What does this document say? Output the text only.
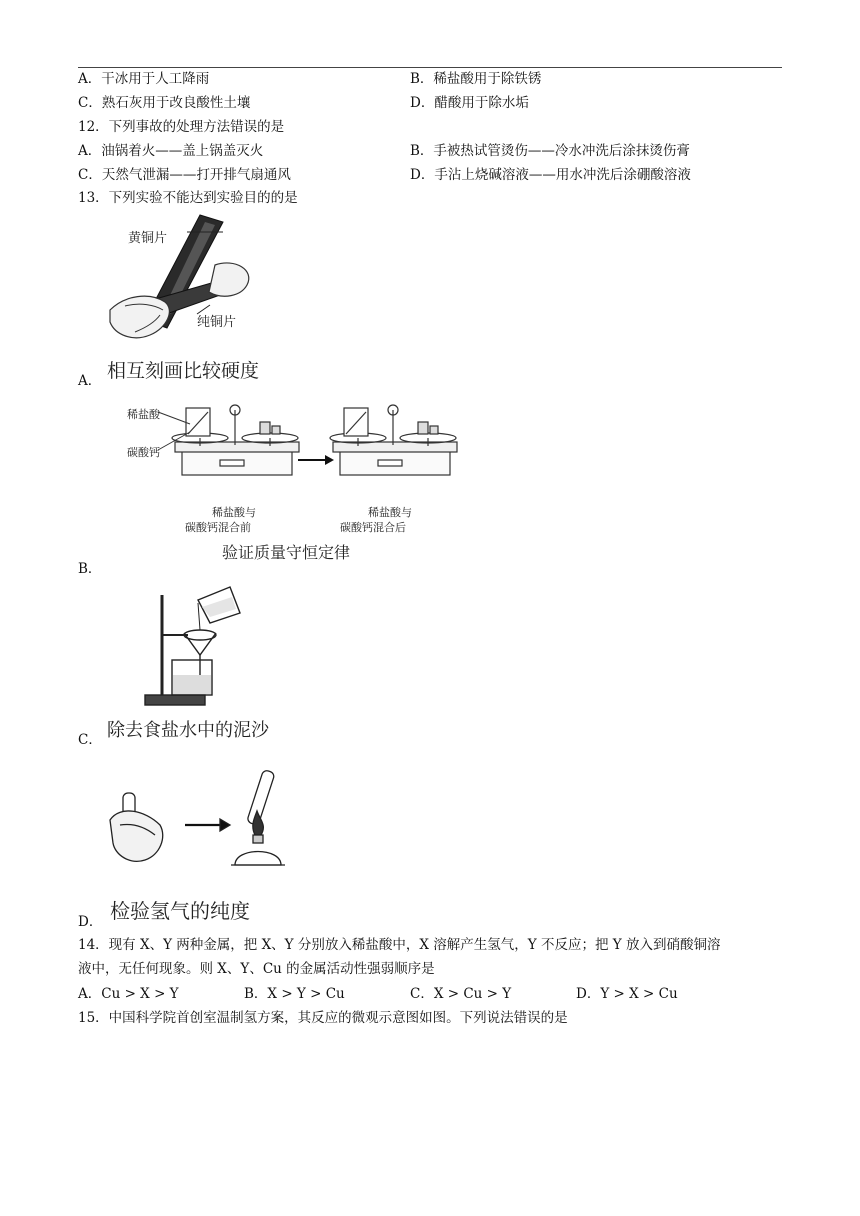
A．干冰用于人工降雨	B．稀盐酸用于除铁锈
C．熟石灰用于改良酸性土壤	D．醋酸用于除水垢
12．下列事故的处理方法错误的是
A．油锅着火——盖上锅盖灭火	B．手被热试管烫伤——冷水冲洗后涂抹烫伤膏
C．天然气泄漏——打开排气扇通风	D．手沾上烧碱溶液——用水冲洗后涂硼酸溶液
13．下列实验不能达到实验目的的是
黄铜片
纯铜片
A． 相互刻画比较硬度
稀盐酸
碳酸钙
稀盐酸与
碳酸钙混合前
稀盐酸与
碳酸钙混合后
验证质量守恒定律
B．
C． 除去食盐水中的泥沙
D． 检验氢气的纯度
14．现有 X、Y 两种金属，把 X、Y 分别放入稀盐酸中，X 溶解产生氢气，Y 不反应；把 Y 放入到硝酸铜溶
液中，无任何现象。则 X、Y、Cu 的金属活动性强弱顺序是
A．Cu > X > Y	B．X > Y > Cu	C．X > Cu > Y	D．Y > X > Cu
15．中国科学院首创室温制氢方案，其反应的微观示意图如图。下列说法错误的是
